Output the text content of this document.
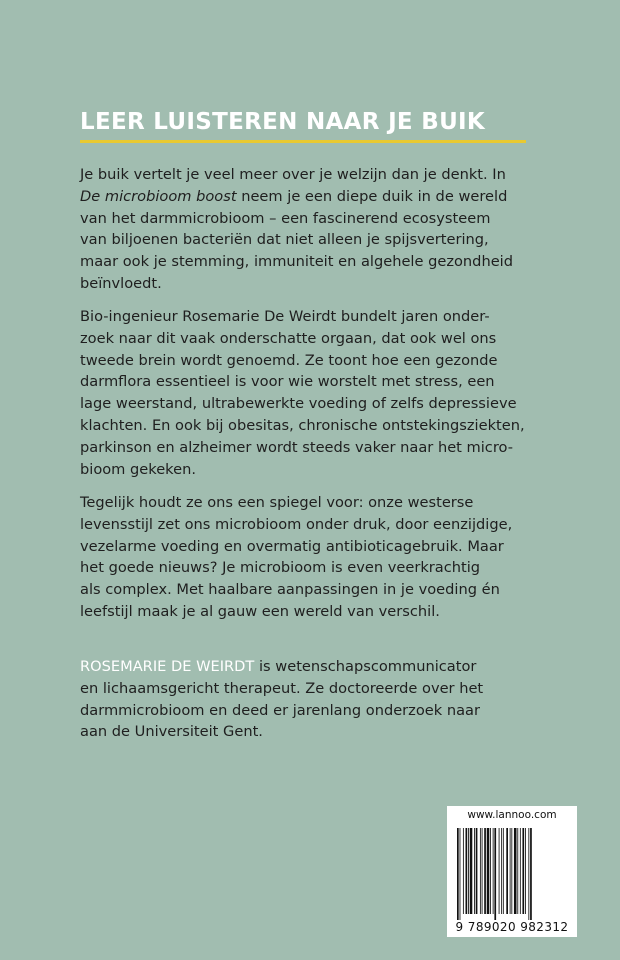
LEER LUISTEREN NAAR JE BUIK

Je buik vertelt je veel meer over je welzijn dan je denkt. In
De microbioom boost neem je een diepe duik in de wereld
van het darmmicrobioom – een fascinerend ecosysteem
van biljoenen bacteriën dat niet alleen je spijsvertering,
maar ook je stemming, immuniteit en algehele gezondheid
beïnvloedt.

Bio-ingenieur Rosemarie De Weirdt bundelt jaren onder-
zoek naar dit vaak onderschatte orgaan, dat ook wel ons
tweede brein wordt genoemd. Ze toont hoe een gezonde
darmflora essentieel is voor wie worstelt met stress, een
lage weerstand, ultrabewerkte voeding of zelfs depressieve
klachten. En ook bij obesitas, chronische ontstekingsziekten,
parkinson en alzheimer wordt steeds vaker naar het micro-
bioom gekeken.

Tegelijk houdt ze ons een spiegel voor: onze westerse
levensstijl zet ons microbioom onder druk, door eenzijdige,
vezelarme voeding en overmatig antibioticagebruik. Maar
het goede nieuws? Je microbioom is even veerkrachtig
als complex. Met haalbare aanpassingen in je voeding én
leefstijl maak je al gauw een wereld van verschil.

ROSEMARIE DE WEIRDT is wetenschapscommunicator
en lichaamsgericht therapeut. Ze doctoreerde over het
darmmicrobioom en deed er jarenlang onderzoek naar
aan de Universiteit Gent.

www.lannoo.com
9 789020 982312
